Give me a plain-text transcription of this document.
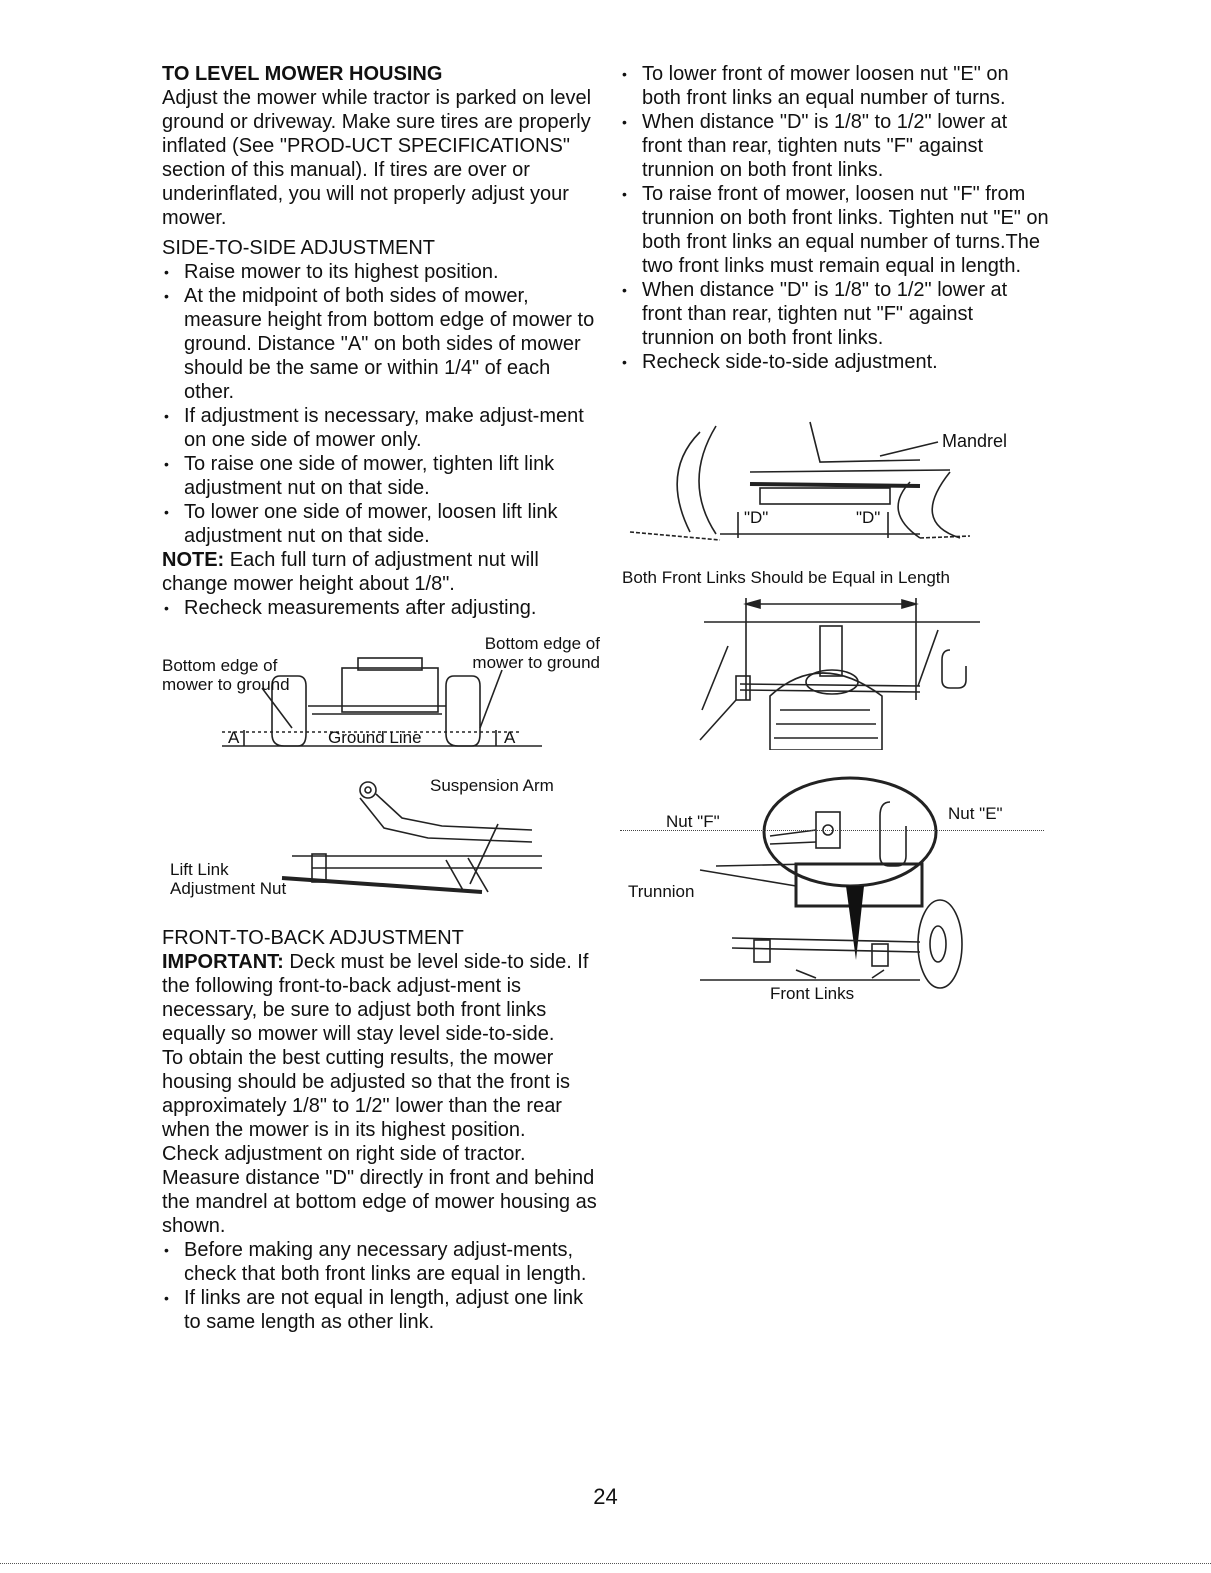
TO LEVEL MOWER HOUSING

Adjust the mower while tractor is parked on level ground or driveway. Make sure tires are properly inflated (See "PROD-UCT SPECIFICATIONS" section of this manual). If tires are over or underinflated, you will not properly adjust your mower.

SIDE-TO-SIDE ADJUSTMENT

• Raise mower to its highest position.
• At the midpoint of both sides of mower, measure height from bottom edge of mower to ground. Distance "A" on both sides of mower should be the same or within 1/4" of each other.
• If adjustment is necessary, make adjust-ment on one side of mower only.
• To raise one side of mower, tighten lift link adjustment nut on that side.
• To lower one side of mower, loosen lift link adjustment nut on that side.

NOTE: Each full turn of adjustment nut will change mower height about 1/8".

• Recheck measurements after adjusting.
Bottom edge of mower to ground
Bottom edge of mower to ground
A	A
Ground Line
Suspension Arm
Lift Link Adjustment Nut

FRONT-TO-BACK ADJUSTMENT

IMPORTANT: Deck must be level side-to side. If the following front-to-back adjust-ment is necessary, be sure to adjust both front links equally so mower will stay level side-to-side.

To obtain the best cutting results, the mower housing should be adjusted so that the front is approximately 1/8" to 1/2" lower than the rear when the mower is in its highest position.

Check adjustment on right side of tractor. Measure distance "D" directly in front and behind the mandrel at bottom edge of mower housing as shown.

• Before making any necessary adjust-ments, check that both front links are equal in length.
• If links are not equal in length, adjust one link to same length as other link.
• To lower front of mower loosen nut "E" on both front links an equal number of turns.
• When distance "D" is 1/8" to 1/2" lower at front than rear, tighten nuts "F" against trunnion on both front links.
• To raise front of mower, loosen nut "F" from trunnion on both front links. Tighten nut "E" on both front links an equal number of turns.The two front links must remain equal in length.
• When distance "D" is 1/8" to 1/2" lower at front than rear, tighten nut "F" against trunnion on both front links.
• Recheck side-to-side adjustment.
Mandrel
"D"	"D"

Both Front Links Should be Equal in Length

Nut "F"	Nut "E"
Trunnion
Front Links
24
